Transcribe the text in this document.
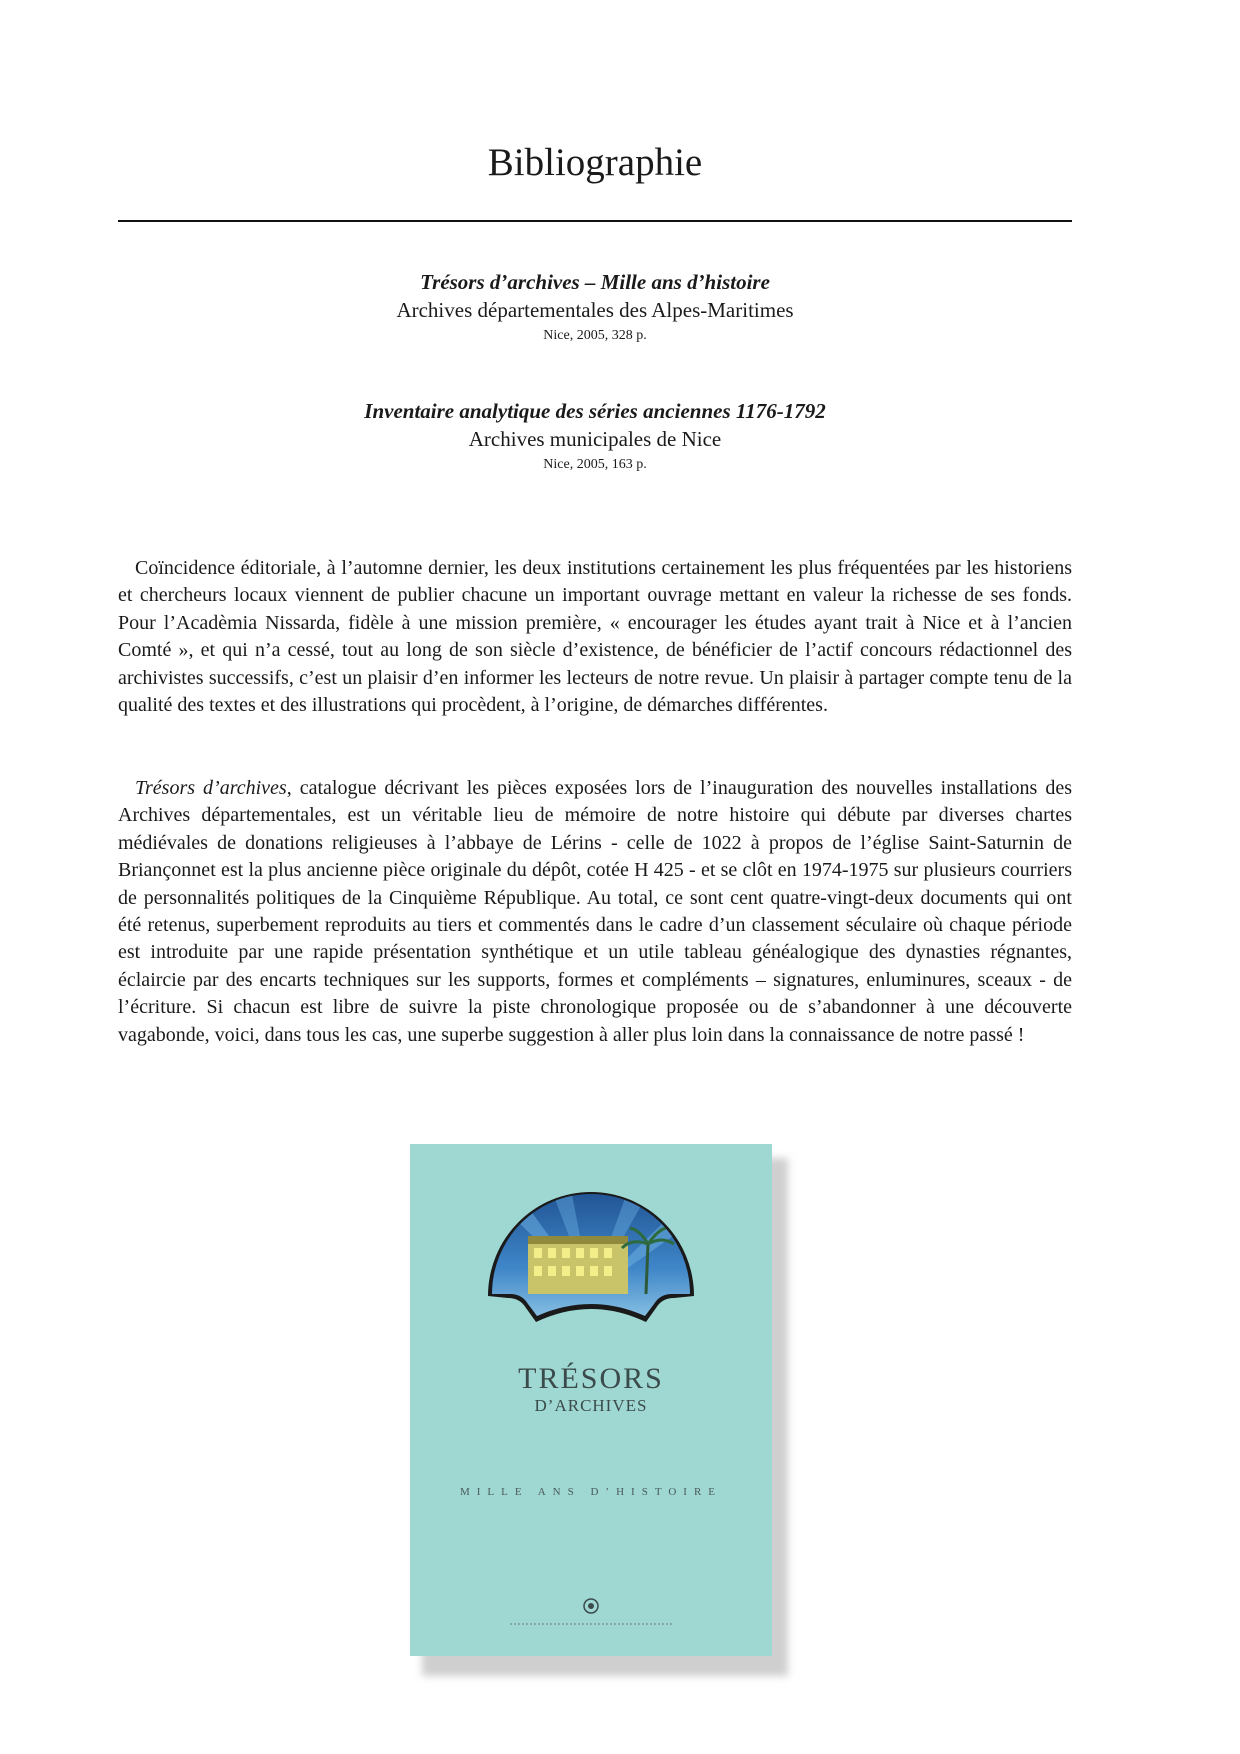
Bibliographie
Trésors d’archives – Mille ans d’histoire
Archives départementales des Alpes-Maritimes
Nice, 2005, 328 p.
Inventaire analytique des séries anciennes 1176-1792
Archives municipales de Nice
Nice, 2005, 163 p.

Coïncidence éditoriale, à l’automne dernier, les deux institutions certainement les plus fréquentées par les historiens et chercheurs locaux viennent de publier chacune un important ouvrage mettant en valeur la richesse de ses fonds. Pour l’Acadèmia Nissarda, fidèle à une mission première, « encourager les études ayant trait à Nice et à l’ancien Comté », et qui n’a cessé, tout au long de son siècle d’existence, de bénéficier de l’actif concours rédactionnel des archivistes successifs, c’est un plaisir d’en informer les lecteurs de notre revue. Un plaisir à partager compte tenu de la qualité des textes et des illustrations qui procèdent, à l’origine, de démarches différentes.

Trésors d’archives, catalogue décrivant les pièces exposées lors de l’inauguration des nouvelles installations des Archives départementales, est un véritable lieu de mémoire de notre histoire qui débute par diverses chartes médiévales de donations religieuses à l’abbaye de Lérins - celle de 1022 à propos de l’église Saint-Saturnin de Briançonnet est la plus ancienne pièce originale du dépôt, cotée H 425 - et se clôt en 1974-1975 sur plusieurs courriers de personnalités politiques de la Cinquième République. Au total, ce sont cent quatre-vingt-deux documents qui ont été retenus, superbement reproduits au tiers et commentés dans le cadre d’un classement séculaire où chaque période est introduite par une rapide présentation synthétique et un utile tableau généalogique des dynasties régnantes, éclaircie par des encarts techniques sur les supports, formes et compléments – signatures, enluminures, sceaux - de l’écriture. Si chacun est libre de suivre la piste chronologique proposée ou de s’abandonner à une découverte vagabonde, voici, dans tous les cas, une superbe suggestion à aller plus loin dans la connaissance de notre passé !

TRÉSORS
D’ARCHIVES
MILLE ANS D’HISTOIRE
